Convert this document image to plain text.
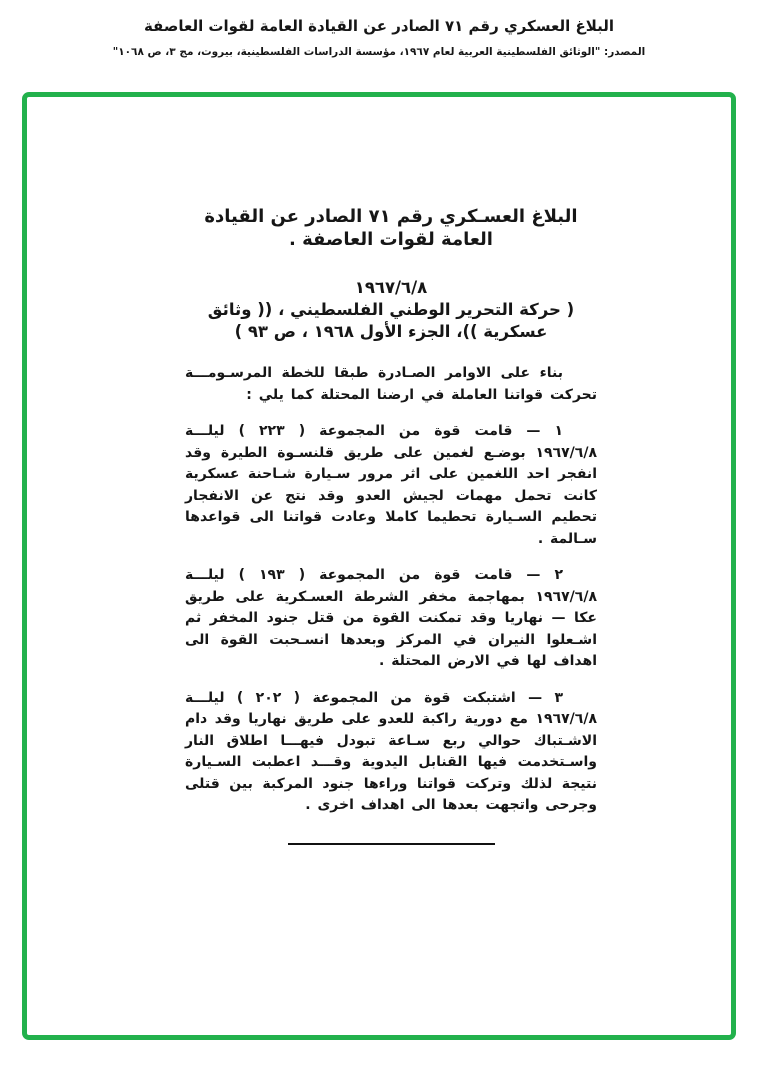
البلاغ العسكري رقم ٧١ الصادر عن القيادة العامة لقوات العاصفة
المصدر: "الوثائق الفلسطينية العربية لعام ١٩٦٧، مؤسسة الدراسات الفلسطينية، بيروت، مج ٣، ص ١٠٦٨"
البلاغ العسـكري رقم ٧١ الصادر عن القيادة العامة لقوات العاصفة .
١٩٦٧/٦/٨
( حركة التحرير الوطني الفلسطيني ، (( وثائق عسكرية ))، الجزء الأول ١٩٦٨ ، ص ٩٣ )

بناء على الاوامر الصـادرة طبقا للخطة المرسـومـــة تحركت قواتنا العاملة في ارضنا المحتلة كما يلي :

١ — قامت قوة من المجموعة ( ٢٢٣ ) ليلـــة ١٩٦٧/٦/٨ بوضـع لغمين على طريق قلنسـوة الطيرة وقد انفجر احد اللغمين على اثر مرور سـيارة شـاحنة عسكرية كانت تحمل مهمات لجيش العدو وقد نتج عن الانفجار تحطيم السـيارة تحطيما كاملا وعادت قواتنا الى قواعدها سـالمة .

٢ — قامت قوة من المجموعة ( ١٩٣ ) ليلـــة ١٩٦٧/٦/٨ بمهاجمة مخفر الشرطة العسـكرية على طريق عكا — نهاريا وقد تمكنت القوة من قتل جنود المخفر ثم اشـعلوا النيران في المركز وبعدها انسـحبت القوة الى اهداف لها في الارض المحتلة .

٣ — اشتبكت قوة من المجموعة ( ٢٠٢ ) ليلـــة ١٩٦٧/٦/٨ مع دورية راكبة للعدو على طريق نهاريا وقد دام الاشـتباك حوالي ربع سـاعة تبودل فيهـــا اطلاق النار واسـتخدمت فيها القنابل اليدوية وقـــد اعطبت السـيارة نتيجة لذلك وتركت قواتنا وراءها جنود المركبة بين قتلى وجرحى واتجهت بعدها الى اهداف اخرى .
